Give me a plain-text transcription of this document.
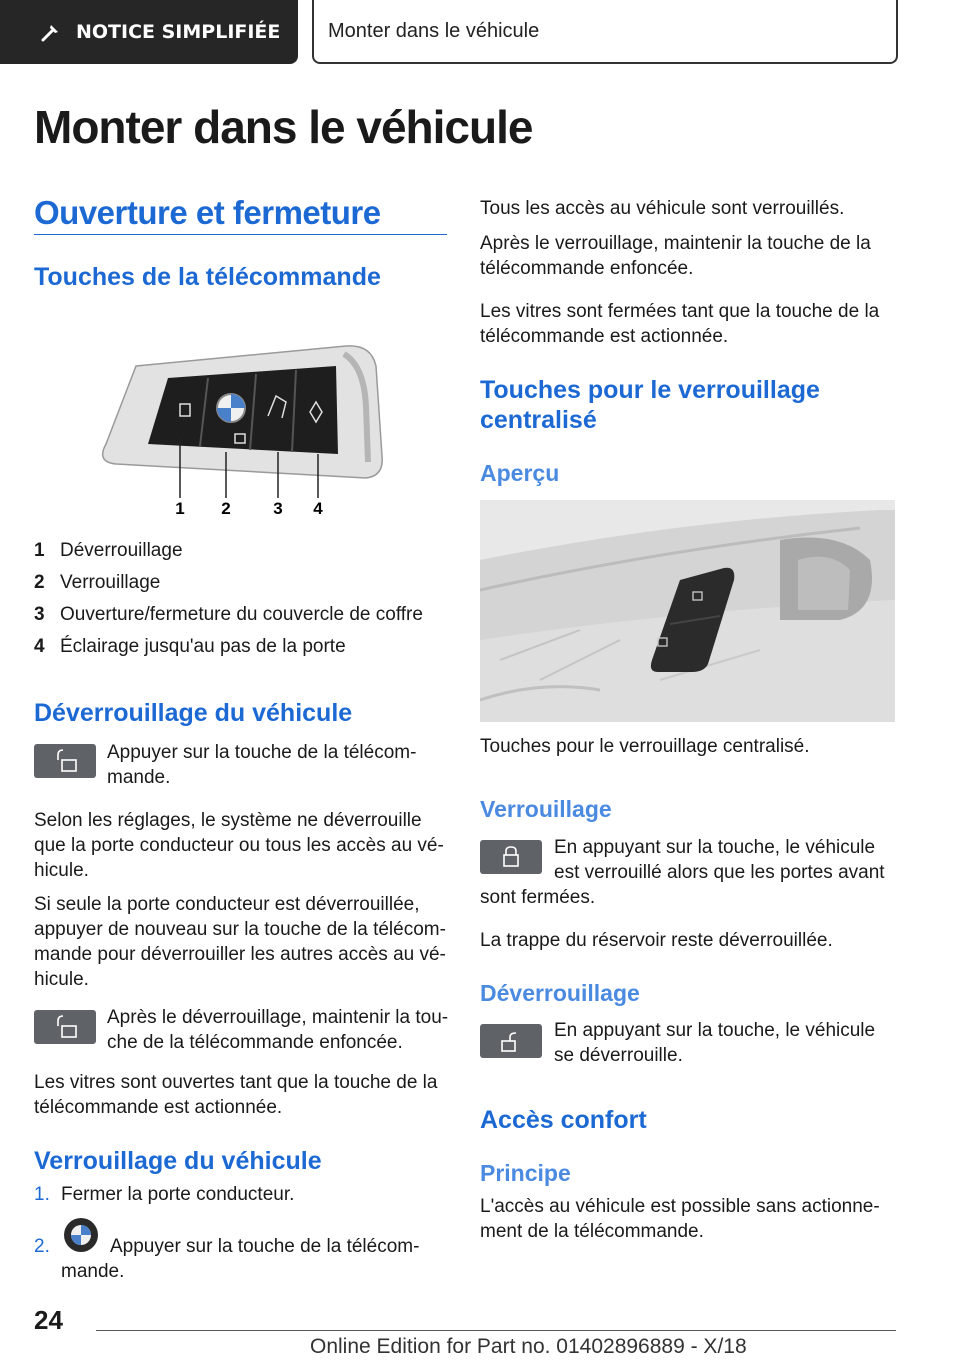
NOTICE SIMPLIFIÉE Monter dans le véhicule
Monter dans le véhicule
Ouverture et fermeture
Touches de la télécommande
1 2	3 4
1 Déverrouillage
2 Verrouillage
3 Ouverture/fermeture du couvercle de coffre
4 Éclairage jusqu'au pas de la porte
Déverrouillage du véhicule
Appuyer sur la touche de la télécom‐
mande.
Selon les réglages, le système ne déverrouille
que la porte conducteur ou tous les accès au vé‐
hicule.
Si seule la porte conducteur est déverrouillée,
appuyer de nouveau sur la touche de la télécom‐
mande pour déverrouiller les autres accès au vé‐
hicule.
Après le déverrouillage, maintenir la tou‐
che de la télécommande enfoncée.
Les vitres sont ouvertes tant que la touche de la
télécommande est actionnée.
Verrouillage du véhicule
1. Fermer la porte conducteur.
2.	Appuyer sur la touche de la télécom‐
mande.
Tous les accès au véhicule sont verrouillés.
Après le verrouillage, maintenir la touche de la
télécommande enfoncée.
Les vitres sont fermées tant que la touche de la
télécommande est actionnée.
Touches pour le verrouillage
centralisé
Aperçu
Touches pour le verrouillage centralisé.
Verrouillage
En appuyant sur la touche, le véhicule
est verrouillé alors que les portes avant
sont fermées.
La trappe du réservoir reste déverrouillée.
Déverrouillage
En appuyant sur la touche, le véhicule
se déverrouille.
Accès confort
Principe
L'accès au véhicule est possible sans actionne‐
ment de la télécommande.
24
Online Edition for Part no. 01402896889 - X/18
